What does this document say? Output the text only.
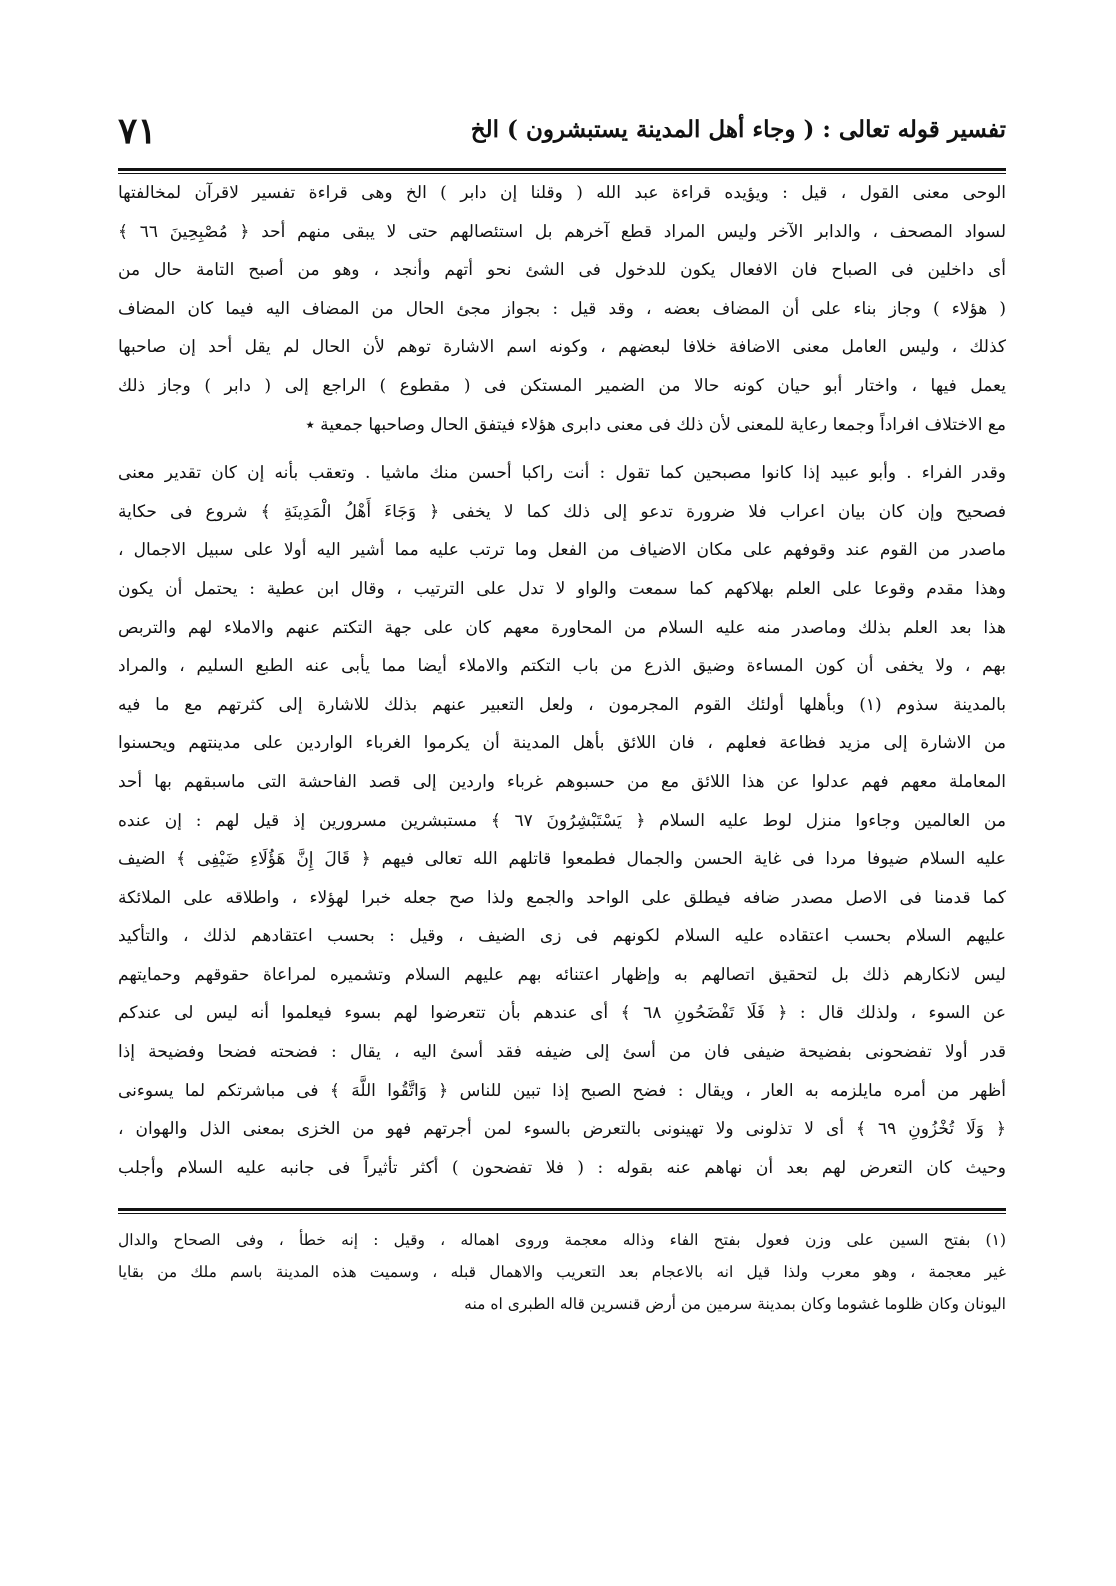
تفسير قوله تعالى : ( وجاء أهل المدينة يستبشرون ) الخ
٧١
الوحى معنى القول ، قيل : ويؤيده قراءة عبد الله ( وقلنا إن دابر ) الخ وهى قراءة تفسير لاقرآن لمخالفتها
لسواد المصحف ، والدابر الآخر وليس المراد قطع آخرهم بل استئصالهم حتى لا يبقى منهم أحد ﴿ مُصْبِحِينَ ٦٦ ﴾
أى داخلين فى الصباح فان الافعال يكون للدخول فى الشئ نحو أتهم وأنجد ، وهو من أصبح التامة حال من
( هؤلاء ) وجاز بناء على أن المضاف بعضه ، وقد قيل : بجواز مجئ الحال من المضاف اليه فيما كان المضاف
كذلك ، وليس العامل معنى الاضافة خلافا لبعضهم ، وكونه اسم الاشارة توهم لأن الحال لم يقل أحد إن صاحبها
يعمل فيها ، واختار أبو حيان كونه حالا من الضمير المستكن فى ( مقطوع ) الراجع إلى ( دابر ) وجاز ذلك
مع الاختلاف افراداً وجمعا رعاية للمعنى لأن ذلك فى معنى دابرى هؤلاء فيتفق الحال وصاحبها جمعية ‌٭
وقدر الفراء . وأبو عبيد إذا كانوا مصبحين كما تقول : أنت راكبا أحسن منك ماشيا . وتعقب بأنه إن كان تقدير معنى
فصحيح وإن كان بيان اعراب فلا ضرورة تدعو إلى ذلك كما لا يخفى ﴿ وَجَاءَ أَهْلُ الْمَدِينَةِ ﴾ شروع فى حكاية
ماصدر من القوم عند وقوفهم على مكان الاضياف من الفعل وما ترتب عليه مما أشير اليه أولا على سبيل الاجمال ،
وهذا مقدم وقوعا على العلم بهلاكهم كما سمعت والواو لا تدل على الترتيب ، وقال ابن عطية : يحتمل أن يكون
هذا بعد العلم بذلك وماصدر منه عليه السلام من المحاورة معهم كان على جهة التكتم عنهم والاملاء لهم والتربص
بهم ، ولا يخفى أن كون المساءة وضيق الذرع من باب التكتم والاملاء أيضا مما يأبى عنه الطبع السليم ، والمراد
بالمدينة سذوم (١) وبأهلها أولئك القوم المجرمون ، ولعل التعبير عنهم بذلك للاشارة إلى كثرتهم مع ما فيه
من الاشارة إلى مزيد فظاعة فعلهم ، فان اللائق بأهل المدينة أن يكرموا الغرباء الواردين على مدينتهم ويحسنوا
المعاملة معهم فهم عدلوا عن هذا اللائق مع من حسبوهم غرباء واردين إلى قصد الفاحشة التى ماسبقهم بها أحد
من العالمين وجاءوا منزل لوط عليه السلام ﴿ يَسْتَبْشِرُونَ ٦٧ ﴾ مستبشرين مسرورين إذ قيل لهم : إن عنده
عليه السلام ضيوفا مردا فى غاية الحسن والجمال فطمعوا قاتلهم الله تعالى فيهم ﴿ قَالَ إِنَّ هَؤُلَاءِ ضَيْفِى ﴾ الضيف
كما قدمنا فى الاصل مصدر ضافه فيطلق على الواحد والجمع ولذا صح جعله خبرا لهؤلاء ، واطلاقه على الملائكة
عليهم السلام بحسب اعتقاده عليه السلام لكونهم فى زى الضيف ، وقيل : بحسب اعتقادهم لذلك ، والتأكيد
ليس لانكارهم ذلك بل لتحقيق اتصالهم به وإظهار اعتنائه بهم عليهم السلام وتشميره لمراعاة حقوقهم وحمايتهم
عن السوء ، ولذلك قال : ﴿ فَلَا تَفْضَحُونِ ٦٨ ﴾ أى عندهم بأن تتعرضوا لهم بسوء فيعلموا أنه ليس لى عندكم
قدر أولا تفضحونى بفضيحة ضيفى فان من أسئ إلى ضيفه فقد أسئ اليه ، يقال : فضحته فضحا وفضيحة إذا
أظهر من أمره مايلزمه به العار ، ويقال : فضح الصبح إذا تبين للناس ﴿ وَاتَّقُوا اللَّهَ ﴾ فى مباشرتكم لما يسوءنى
﴿ وَلَا تُخْزُونِ ٦٩ ﴾ أى لا تذلونى ولا تهينونى بالتعرض بالسوء لمن أجرتهم فهو من الخزى بمعنى الذل والهوان ،
وحيث كان التعرض لهم بعد أن نهاهم عنه بقوله : ( فلا تفضحون ) أكثر تأثيراً فى جانبه عليه السلام وأجلب
(١) بفتح السين على وزن فعول بفتح الفاء وذاله معجمة وروى اهماله ، وقيل : إنه خطأ ، وفى الصحاح والدال
غير معجمة ، وهو معرب ولذا قيل انه بالاعجام بعد التعريب والاهمال قبله ، وسميت هذه المدينة باسم ملك من بقايا
اليونان وكان ظلوما غشوما وكان بمدينة سرمين من أرض قنسرين قاله الطبرى اه منه
